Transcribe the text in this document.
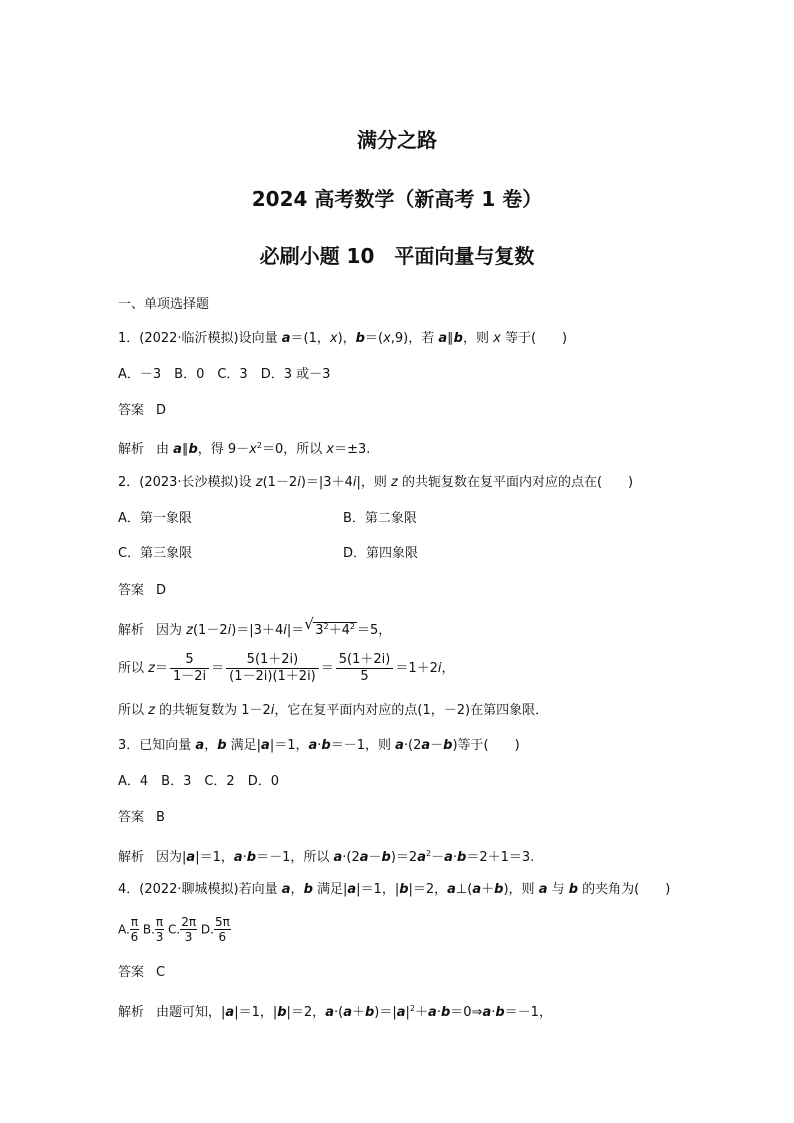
满分之路
2024 高考数学（新高考 1 卷）
必刷小题 10　平面向量与复数
一、单项选择题
1．(2022·临沂模拟)设向量 a＝(1，x)，b＝(x,9)，若 a∥b，则 x 等于(　　)
A．－3　B．0　C．3　D．3 或－3
答案 D
解析 由 a∥b，得 $9-x^2=0$，所以 x＝±3.
2．(2023·长沙模拟)设 z(1－2i)＝|3＋4i|，则 z 的共轭复数在复平面内对应的点在(　　)
A．第一象限	B．第二象限
C．第三象限	D．第四象限
答案 D
解析 因为 z(1－2i)＝|3＋4i|＝ √ $3^2+4^2 =5$，
所以 $z= \frac{5}{1-2i} = \frac{5(1+2i)}{(1-2i)(1+2i)} = \frac{5(1+2i)}{5} =1+2i$，
所以 z 的共轭复数为 1－2i，它在复平面内对应的点(1，－2)在第四象限．
3．已知向量 a，b 满足|a|＝1，a·b＝－1，则 a·(2a－b)等于(　　)
A．4　B．3　C．2　D．0
答案 B
解析 因为|a|＝1，a·b＝－1，所以 $a\cdot(2a-b)=2a^2-a\cdot b=2+1=3$.
4．(2022·聊城模拟)若向量 a，b 满足|a|＝1，|b|＝2，a⊥(a＋b)，则 a 与 b 的夹角为(　　)
A. $\frac{\pi}{6} B$. $\frac{\pi}{3} C$. $\frac{2\pi}{3} D$. $\frac{5\pi}{6}$
答案 C
解析 由题可知，|a|＝1，|b|＝2，$a\cdot(a+b)=|a|^2+a\cdot b=0\Rightarrow a\cdot b=-1$，
